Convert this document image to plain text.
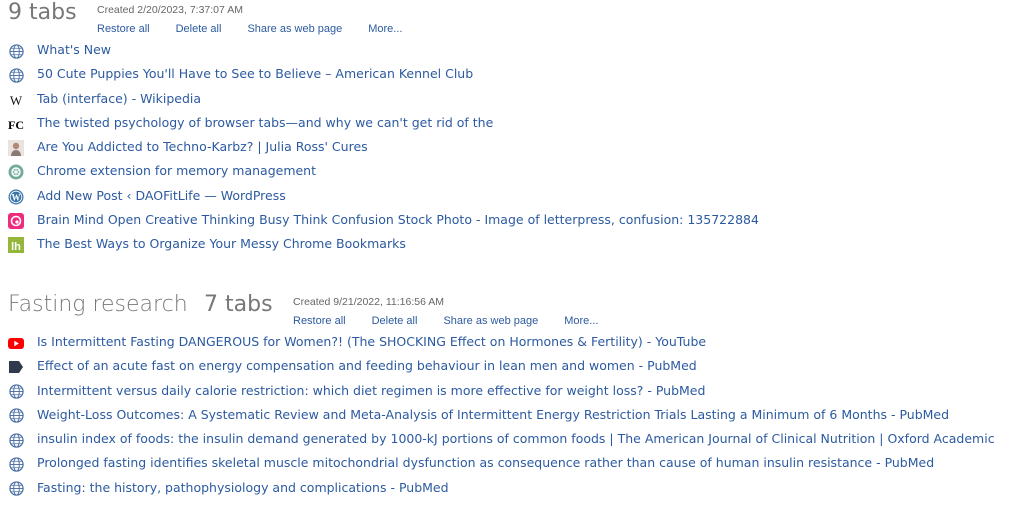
9 tabs Created 2/20/2023, 7:37:07 AM
Restore all Delete all Share as web page More...
What's New
50 Cute Puppies You'll Have to See to Believe – American Kennel Club
W Tab (interface) - Wikipedia
FC The twisted psychology of browser tabs—and why we can't get rid of the
Are You Addicted to Techno-Karbz? | Julia Ross' Cures
Chrome extension for memory management
W Add New Post ‹ DAOFitLife — WordPress
Brain Mind Open Creative Thinking Busy Think Confusion Stock Photo - Image of letterpress, confusion: 135722884
lh The Best Ways to Organize Your Messy Chrome Bookmarks
Fasting research 7 tabs Created 9/21/2022, 11:16:56 AM
Restore all Delete all Share as web page More...
Is Intermittent Fasting DANGEROUS for Women?! (The SHOCKING Effect on Hormones & Fertility) - YouTube
Effect of an acute fast on energy compensation and feeding behaviour in lean men and women - PubMed
Intermittent versus daily calorie restriction: which diet regimen is more effective for weight loss? - PubMed
Weight-Loss Outcomes: A Systematic Review and Meta-Analysis of Intermittent Energy Restriction Trials Lasting a Minimum of 6 Months - PubMed
insulin index of foods: the insulin demand generated by 1000-kJ portions of common foods | The American Journal of Clinical Nutrition | Oxford Academic
Prolonged fasting identifies skeletal muscle mitochondrial dysfunction as consequence rather than cause of human insulin resistance - PubMed
Fasting: the history, pathophysiology and complications - PubMed
